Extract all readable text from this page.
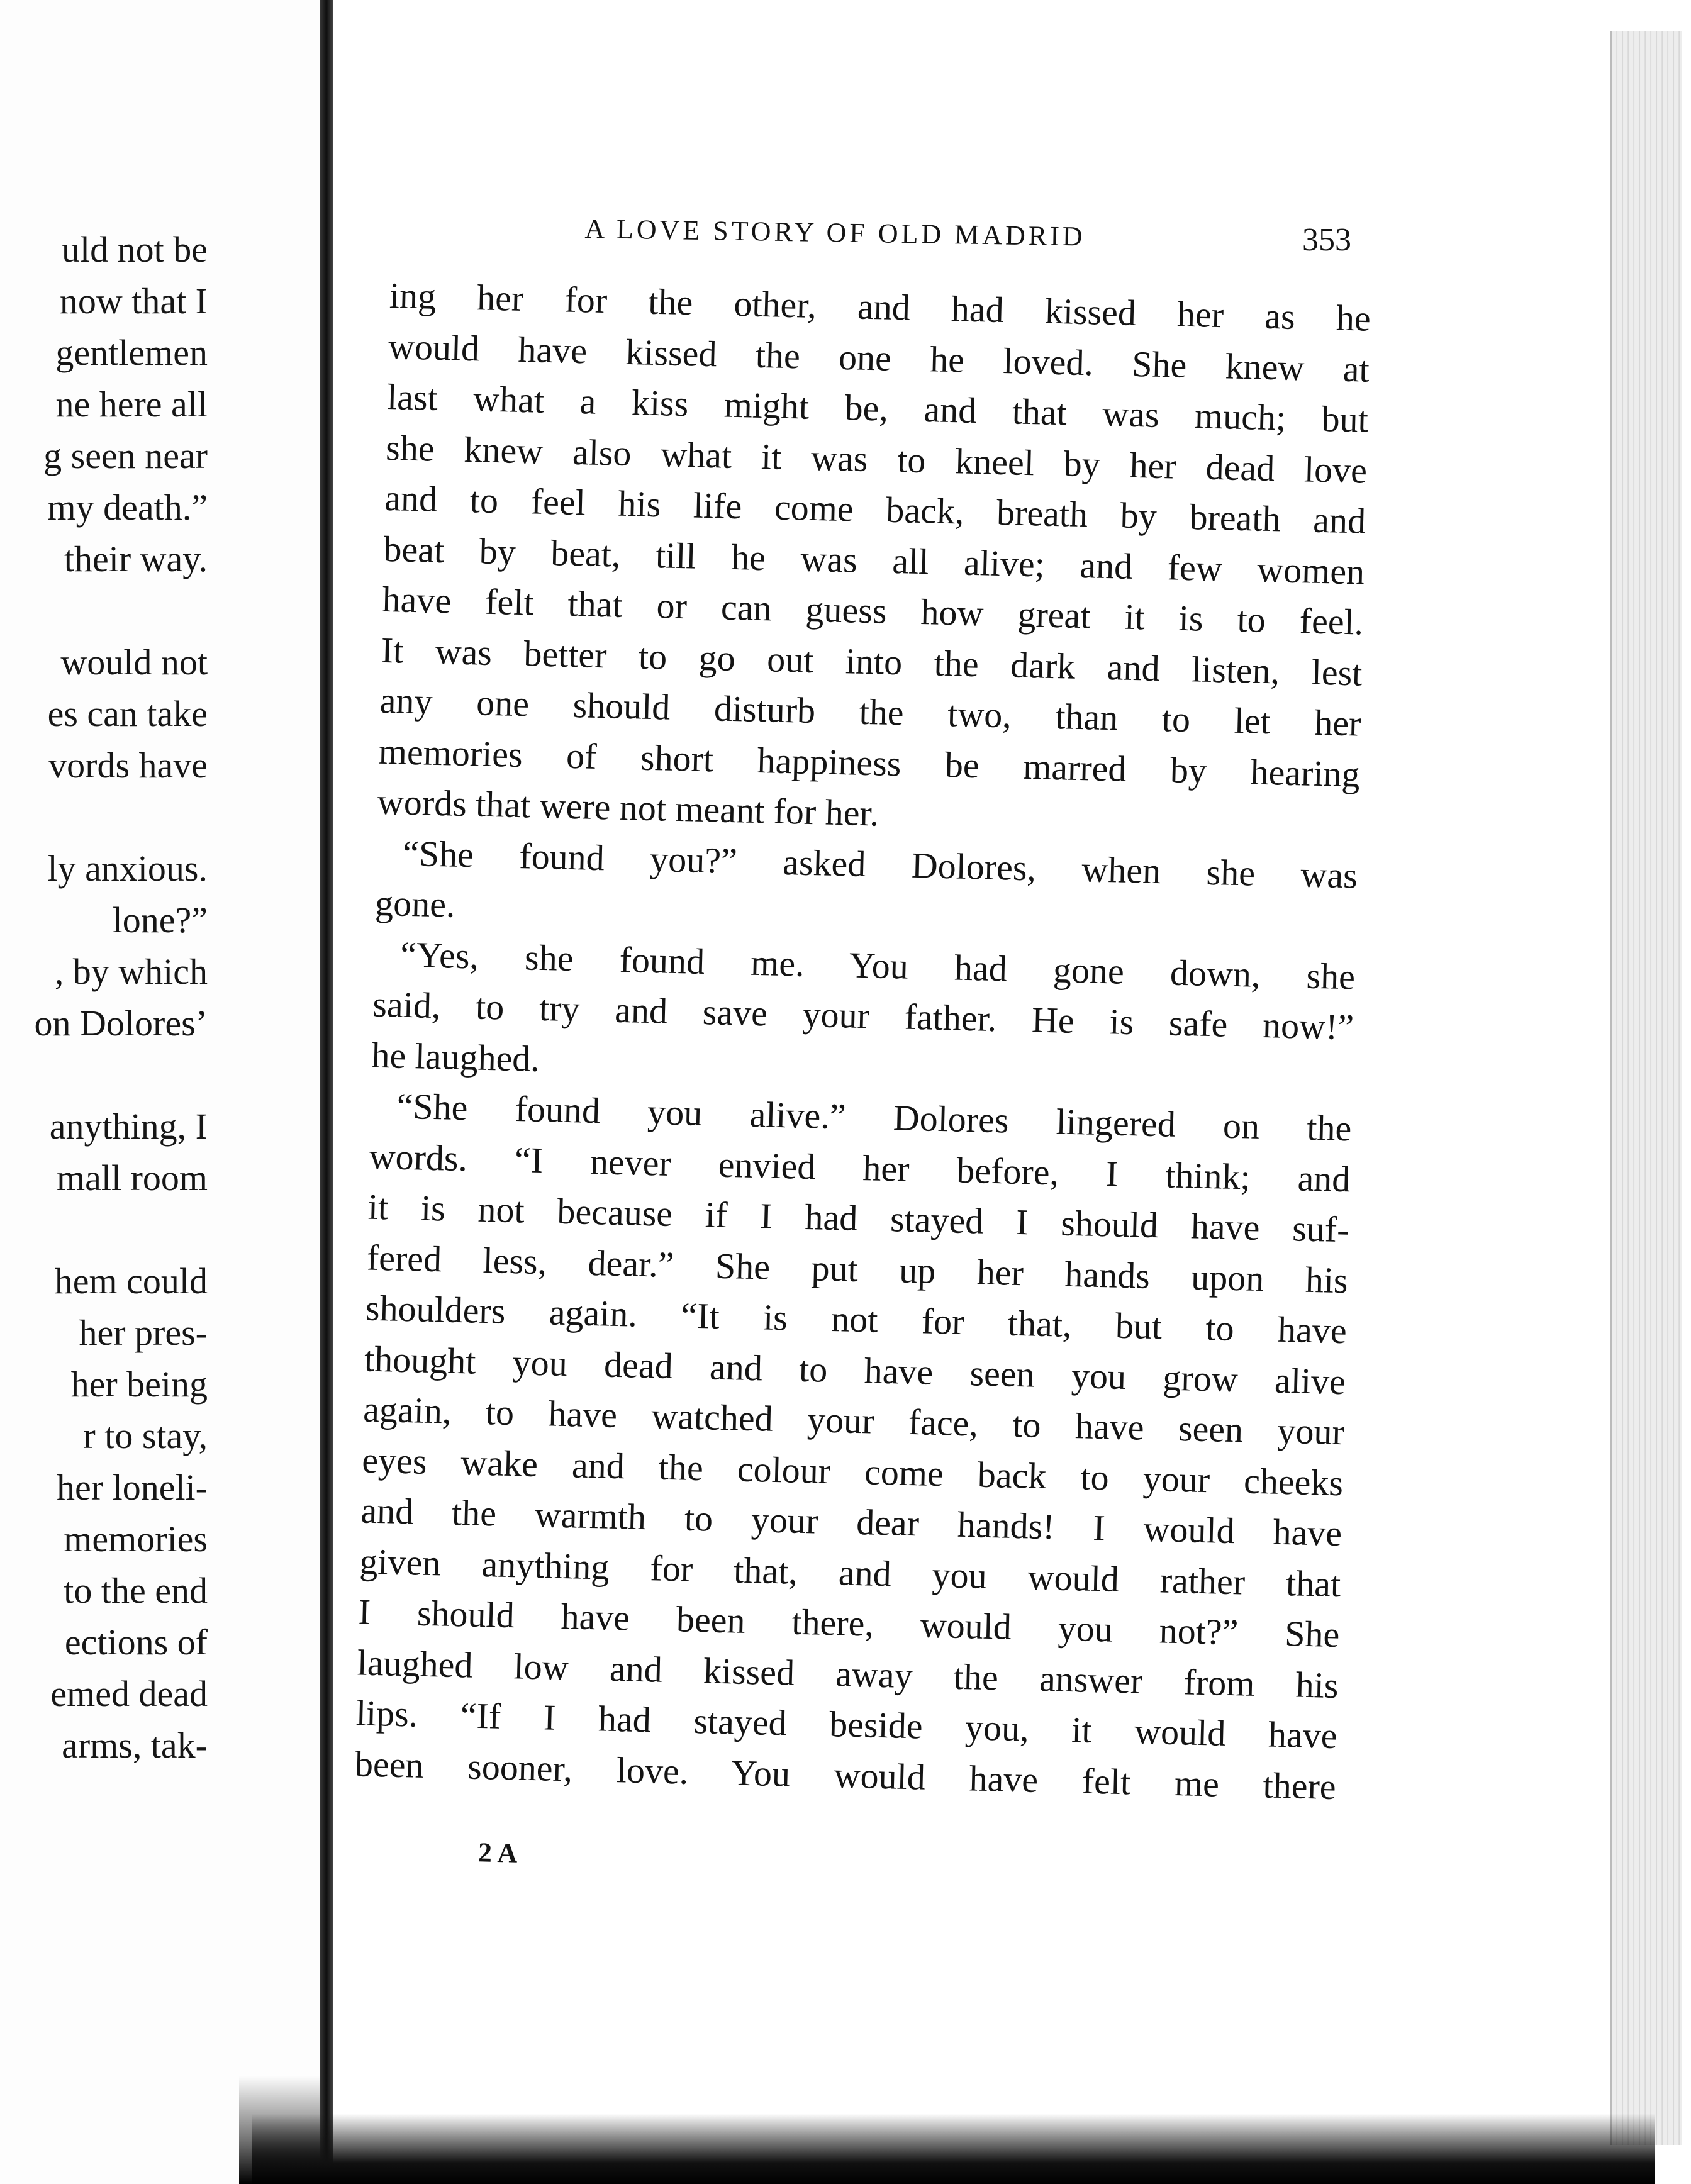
uld not be
now that I
gentlemen
ne here all
g seen near
my death.”
their way.
would not
es can take
vords have
ly anxious.
lone?”
, by which
on Dolores’
anything, I
mall room
hem could
her pres-
her being
r to stay,
her loneli-
memories
to the end
ections of
emed dead
arms, tak-
A LOVE STORY OF OLD MADRID	353
ing her for the other, and had kissed her as he
would have kissed the one he loved. She knew at
last what a kiss might be, and that was much; but
she knew also what it was to kneel by her dead love
and to feel his life come back, breath by breath and
beat by beat, till he was all alive; and few women
have felt that or can guess how great it is to feel.
It was better to go out into the dark and listen, lest
any one should disturb the two, than to let her
memories of short happiness be marred by hearing
words that were not meant for her.
“She found you?” asked Dolores, when she was
gone.
“Yes, she found me. You had gone down, she
said, to try and save your father. He is safe now!”
he laughed.
“She found you alive.” Dolores lingered on the
words. “I never envied her before, I think; and
it is not because if I had stayed I should have suf-
fered less, dear.” She put up her hands upon his
shoulders again. “It is not for that, but to have
thought you dead and to have seen you grow alive
again, to have watched your face, to have seen your
eyes wake and the colour come back to your cheeks
and the warmth to your dear hands! I would have
given anything for that, and you would rather that
I should have been there, would you not?” She
laughed low and kissed away the answer from his
lips. “If I had stayed beside you, it would have
been sooner, love. You would have felt me there
2 A
